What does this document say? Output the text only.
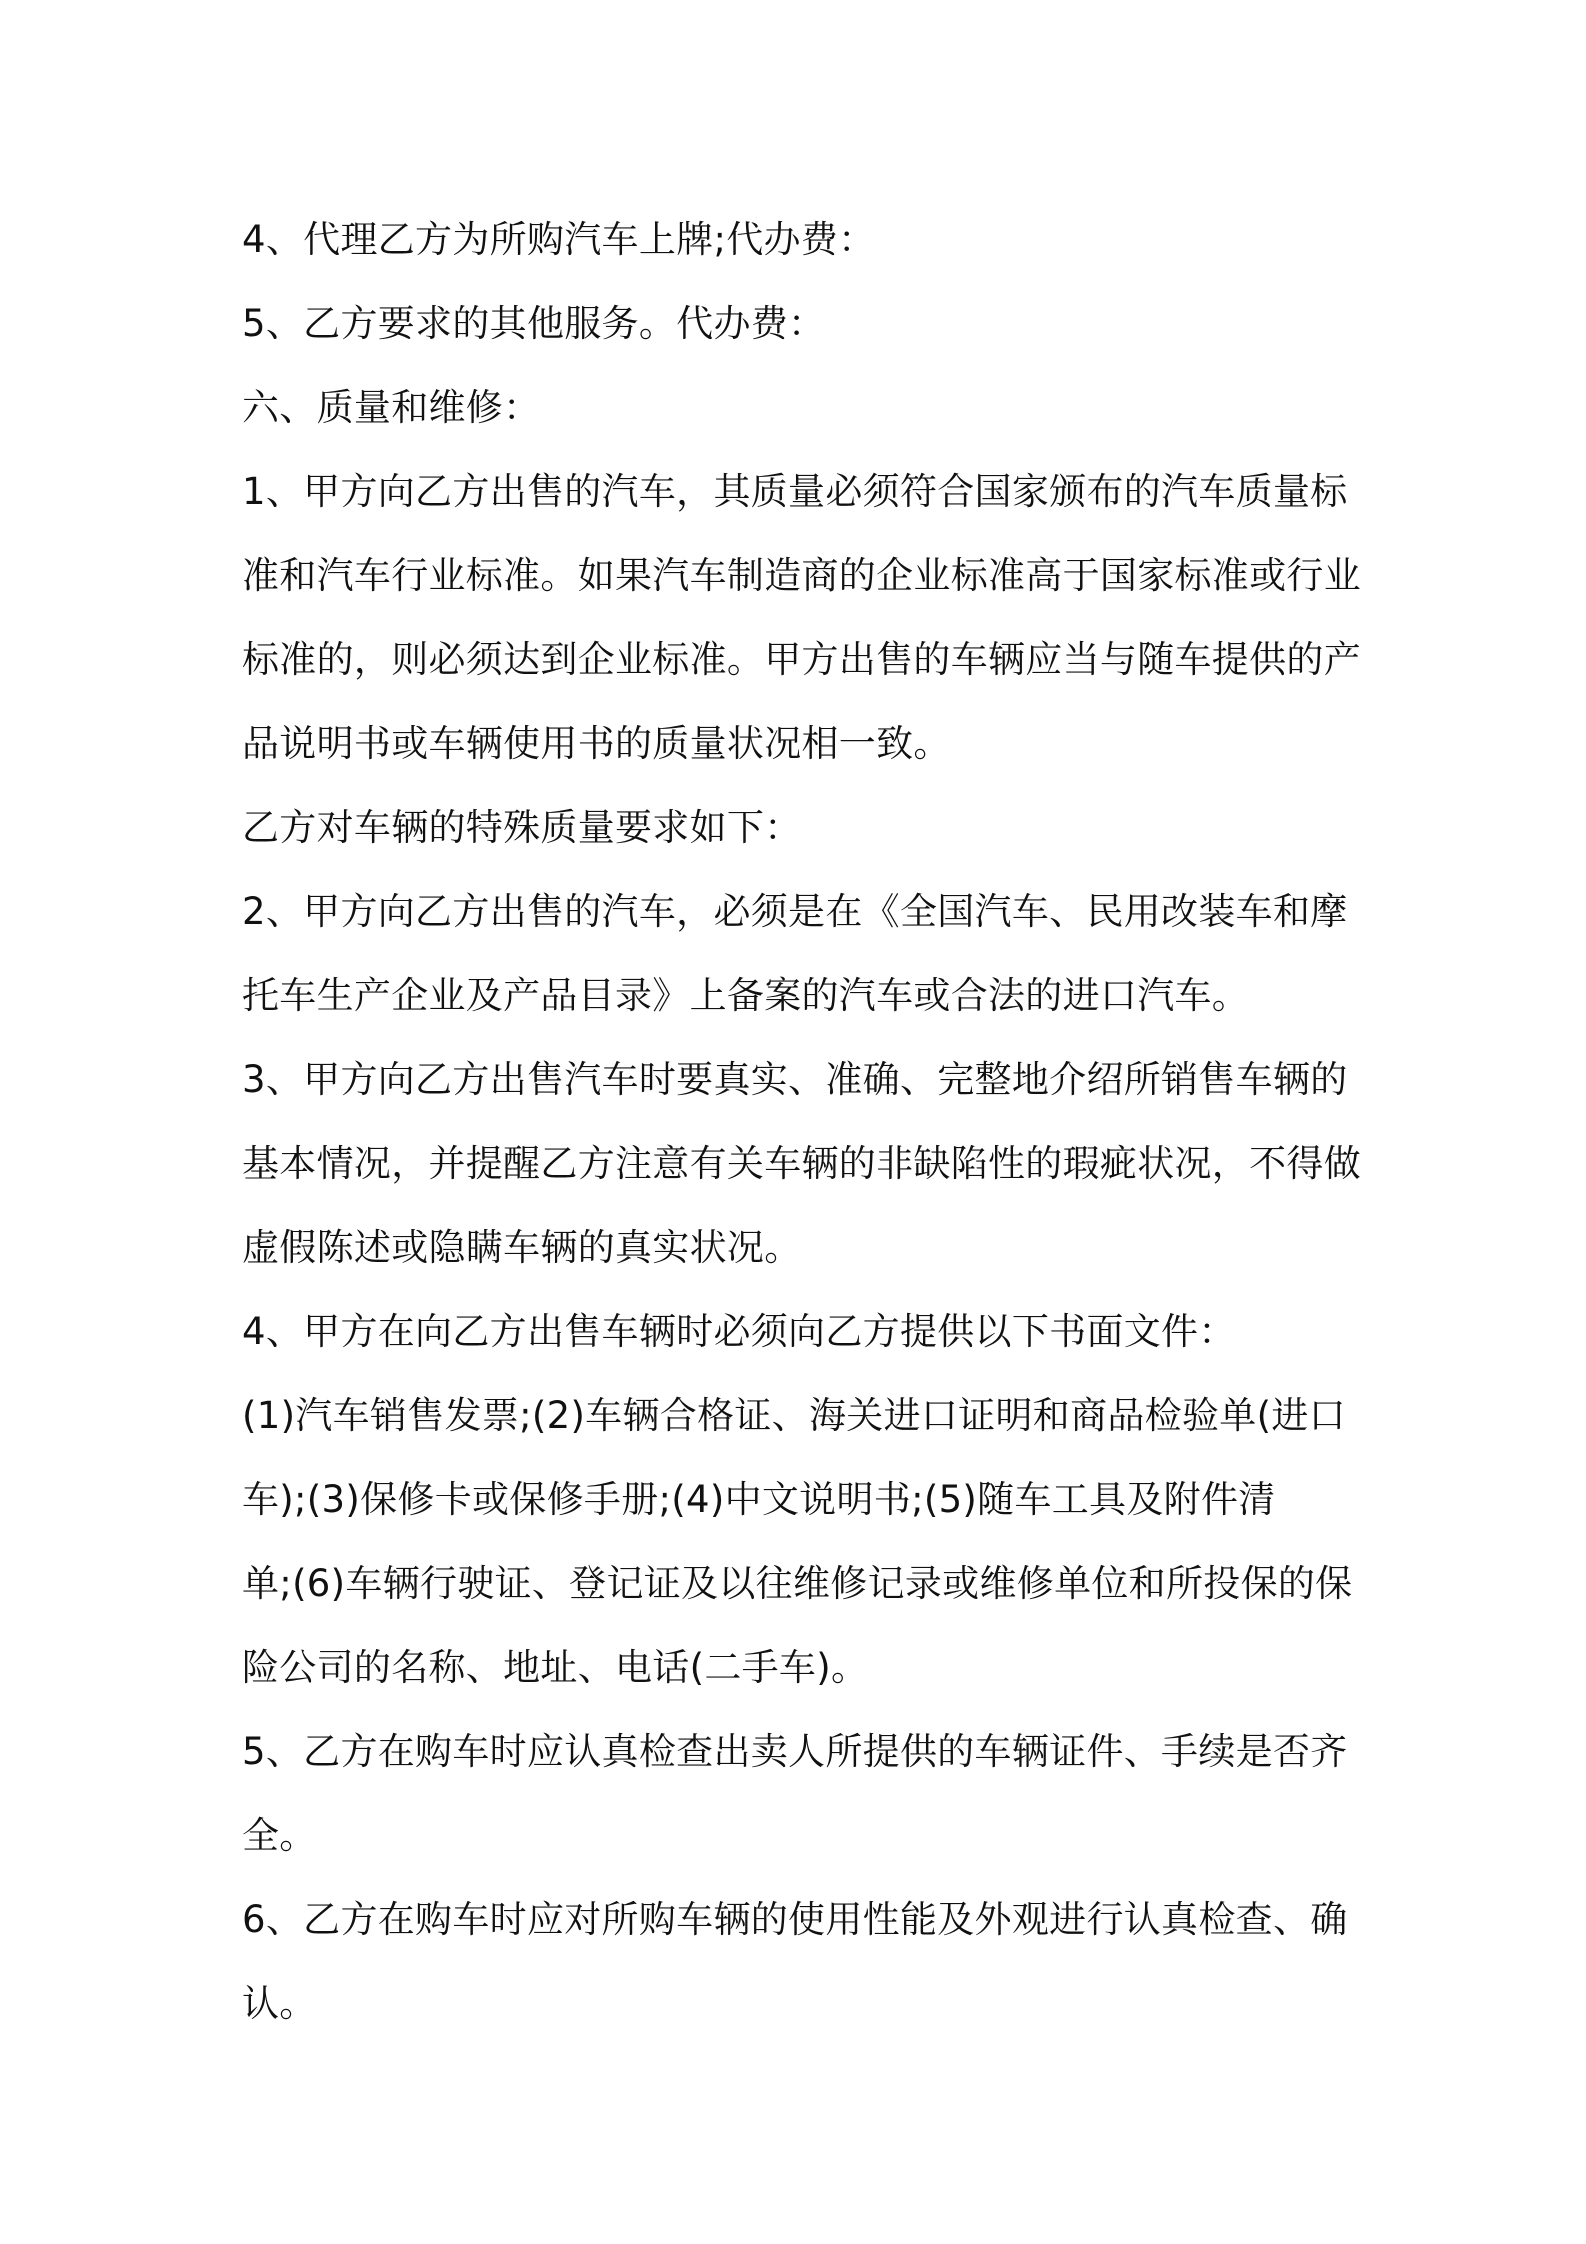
4、代理乙方为所购汽车上牌;代办费：
5、乙方要求的其他服务。代办费：
六、质量和维修：
1、甲方向乙方出售的汽车，其质量必须符合国家颁布的汽车质量标
准和汽车行业标准。如果汽车制造商的企业标准高于国家标准或行业
标准的，则必须达到企业标准。甲方出售的车辆应当与随车提供的产
品说明书或车辆使用书的质量状况相一致。
乙方对车辆的特殊质量要求如下：
2、甲方向乙方出售的汽车，必须是在《全国汽车、民用改装车和摩
托车生产企业及产品目录》上备案的汽车或合法的进口汽车。
3、甲方向乙方出售汽车时要真实、准确、完整地介绍所销售车辆的
基本情况，并提醒乙方注意有关车辆的非缺陷性的瑕疵状况，不得做
虚假陈述或隐瞒车辆的真实状况。
4、甲方在向乙方出售车辆时必须向乙方提供以下书面文件：
(1)汽车销售发票;(2)车辆合格证、海关进口证明和商品检验单(进口
车);(3)保修卡或保修手册;(4)中文说明书;(5)随车工具及附件清
单;(6)车辆行驶证、登记证及以往维修记录或维修单位和所投保的保
险公司的名称、地址、电话(二手车)。
5、乙方在购车时应认真检查出卖人所提供的车辆证件、手续是否齐
全。
6、乙方在购车时应对所购车辆的使用性能及外观进行认真检查、确
认。
